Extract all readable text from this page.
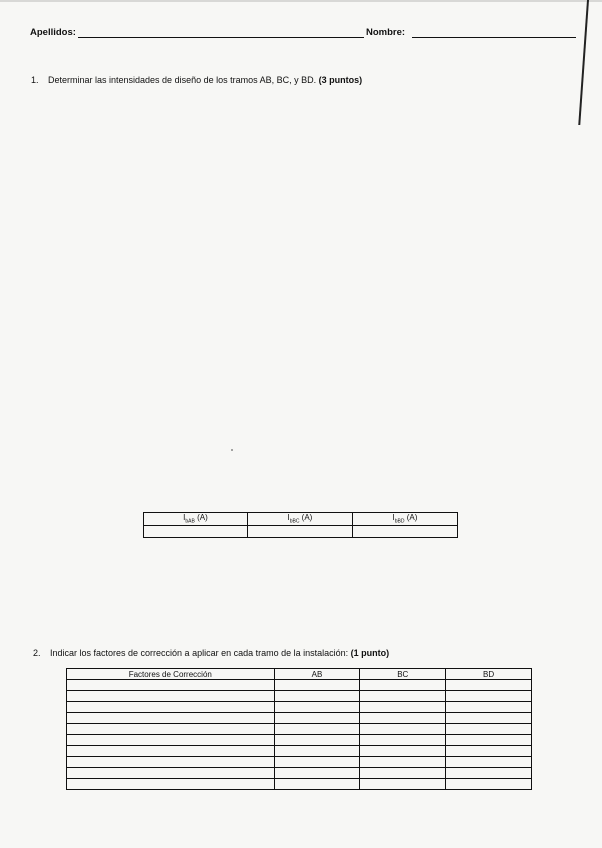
Apellidos:	Nombre:
1. Determinar las intensidades de diseño de los tramos AB, BC, y BD. (3 puntos)
$I_{bAB}$ (A)	$I_{bBC}$ (A)	$I_{bBD}$ (A)

2. Indicar los factores de corrección a aplicar en cada tramo de la instalación: (1 punto)
Factores de Corrección	AB	BC	BD
